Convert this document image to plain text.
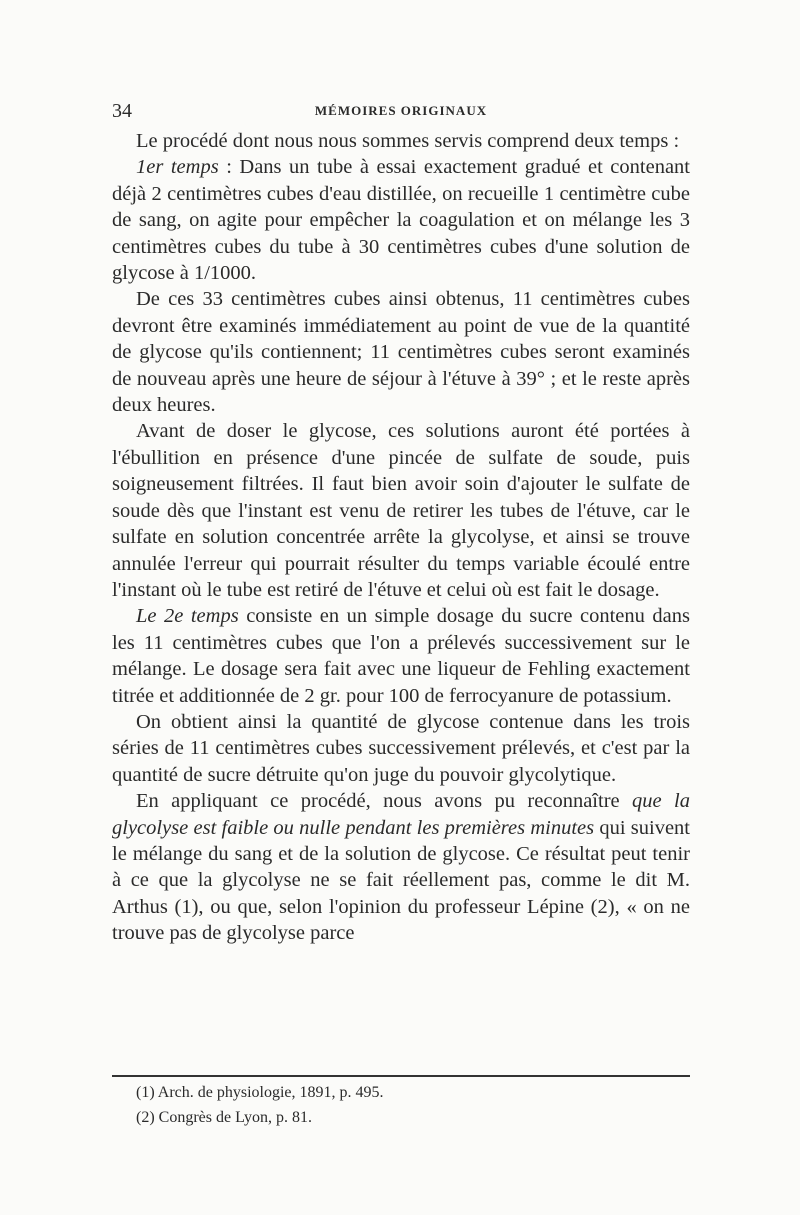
34	MÉMOIRES ORIGINAUX

Le procédé dont nous nous sommes servis comprend deux temps :

1er temps : Dans un tube à essai exactement gradué et contenant déjà 2 centimètres cubes d'eau distillée, on recueille 1 centimètre cube de sang, on agite pour empêcher la coagulation et on mélange les 3 centimètres cubes du tube à 30 centimètres cubes d'une solution de glycose à 1/1000.

De ces 33 centimètres cubes ainsi obtenus, 11 centimètres cubes devront être examinés immédiatement au point de vue de la quantité de glycose qu'ils contiennent; 11 centimètres cubes seront examinés de nouveau après une heure de séjour à l'étuve à 39° ; et le reste après deux heures.

Avant de doser le glycose, ces solutions auront été portées à l'ébullition en présence d'une pincée de sulfate de soude, puis soigneusement filtrées. Il faut bien avoir soin d'ajouter le sulfate de soude dès que l'instant est venu de retirer les tubes de l'étuve, car le sulfate en solution concentrée arrête la glycolyse, et ainsi se trouve annulée l'erreur qui pourrait résulter du temps variable écoulé entre l'instant où le tube est retiré de l'étuve et celui où est fait le dosage.

Le 2e temps consiste en un simple dosage du sucre contenu dans les 11 centimètres cubes que l'on a prélevés successivement sur le mélange. Le dosage sera fait avec une liqueur de Fehling exactement titrée et additionnée de 2 gr. pour 100 de ferrocyanure de potassium.

On obtient ainsi la quantité de glycose contenue dans les trois séries de 11 centimètres cubes successivement prélevés, et c'est par la quantité de sucre détruite qu'on juge du pouvoir glycolytique.

En appliquant ce procédé, nous avons pu reconnaître que la glycolyse est faible ou nulle pendant les premières minutes qui suivent le mélange du sang et de la solution de glycose. Ce résultat peut tenir à ce que la glycolyse ne se fait réellement pas, comme le dit M. Arthus (1), ou que, selon l'opinion du professeur Lépine (2), « on ne trouve pas de glycolyse parce

(1) Arch. de physiologie, 1891, p. 495.
(2) Congrès de Lyon, p. 81.
